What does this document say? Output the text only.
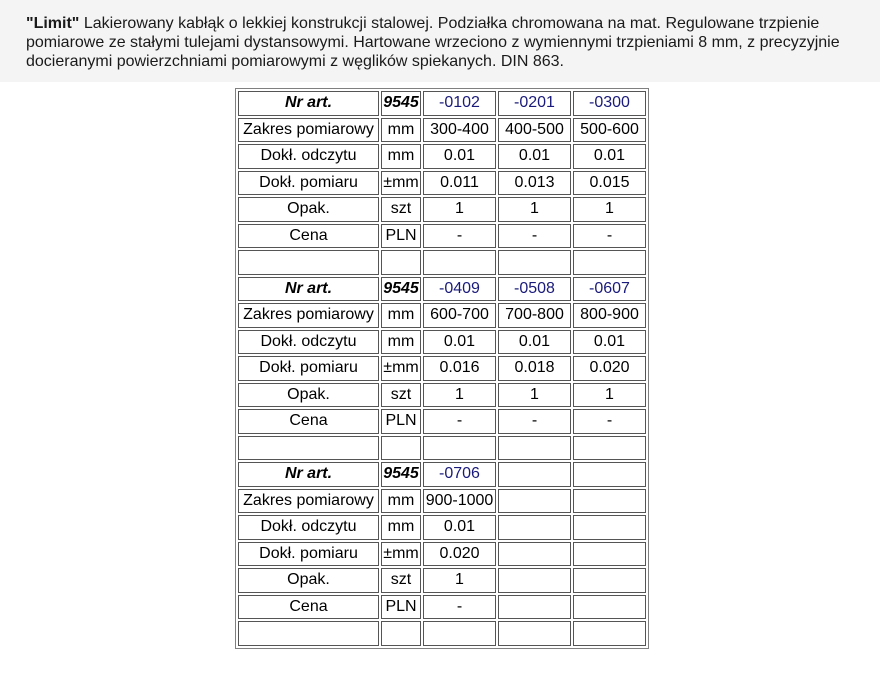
"Limit" Lakierowany kabłąk o lekkiej konstrukcji stalowej. Podziałka chromowana na mat. Regulowane trzpienie pomiarowe ze stałymi tulejami dystansowymi. Hartowane wrzeciono z wymiennymi trzpieniami 8 mm, z precyzyjnie docieranymi powierzchniami pomiarowymi z węglików spiekanych. DIN 863.

Nr art.	9545	-0102	-0201	-0300
Zakres pomiarowy	mm	300-400	400-500	500-600
Dokł. odczytu	mm	0.01	0.01	0.01
Dokł. pomiaru	±mm	0.011	0.013	0.015
Opak.	szt	1	1	1
Cena	PLN	-	-	-

Nr art.	9545	-0409	-0508	-0607
Zakres pomiarowy	mm	600-700	700-800	800-900
Dokł. odczytu	mm	0.01	0.01	0.01
Dokł. pomiaru	±mm	0.016	0.018	0.020
Opak.	szt	1	1	1
Cena	PLN	-	-	-

Nr art.	9545	-0706		
Zakres pomiarowy	mm	900-1000		
Dokł. odczytu	mm	0.01		
Dokł. pomiaru	±mm	0.020		
Opak.	szt	1		
Cena	PLN	-		
